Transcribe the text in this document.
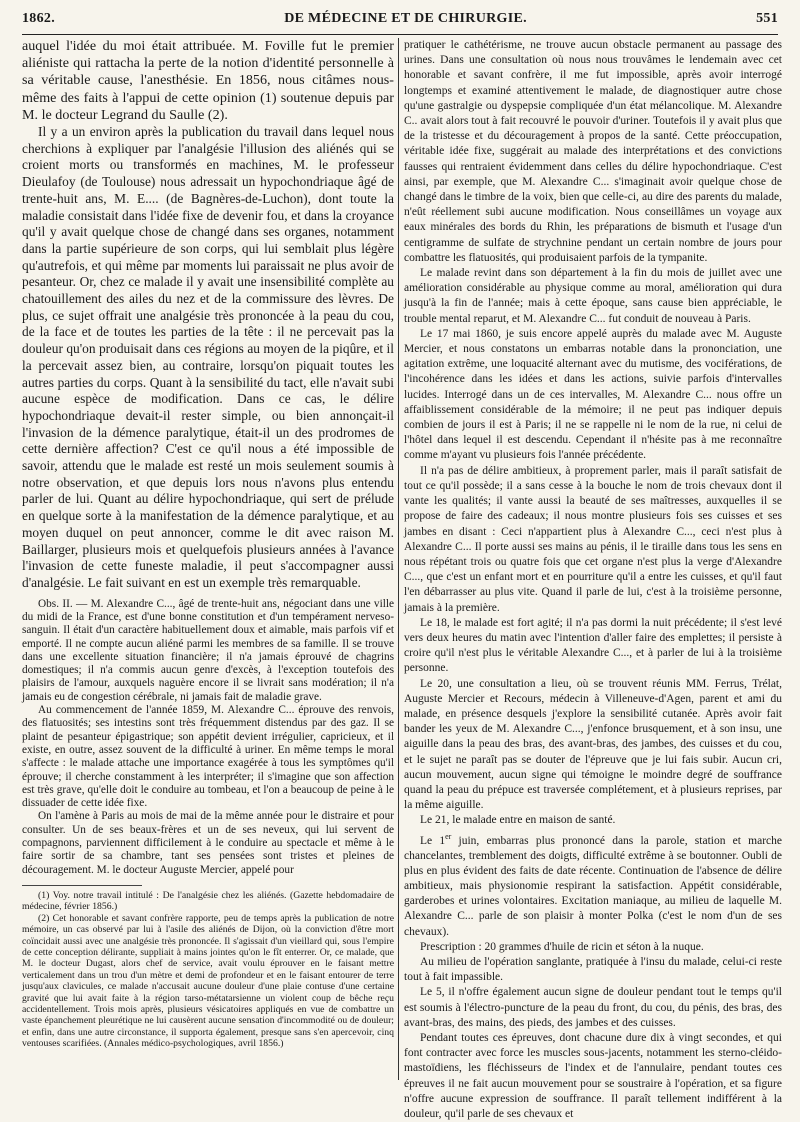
1862.	DE MÉDECINE ET DE CHIRURGIE.	551

auquel l'idée du moi était attribuée. M. Foville fut le premier aliéniste qui rattacha la perte de la notion d'identité personnelle à sa véritable cause, l'anesthésie. En 1856, nous citâmes nous-même des faits à l'appui de cette opinion (1) soutenue depuis par M. le docteur Legrand du Saulle (2).

Il y a un environ après la publication du travail dans lequel nous cherchions à expliquer par l'analgésie l'illusion des aliénés qui se croient morts ou transformés en machines, M. le professeur Dieulafoy (de Toulouse) nous adressait un hypochondriaque âgé de trente-huit ans, M. E.... (de Bagnères-de-Luchon), dont toute la maladie consistait dans l'idée fixe de devenir fou, et dans la croyance qu'il y avait quelque chose de changé dans ses organes, notamment dans la partie supérieure de son corps, qui lui semblait plus légère qu'autrefois, et qui même par moments lui paraissait ne plus avoir de pesanteur. Or, chez ce malade il y avait une insensibilité complète au chatouillement des ailes du nez et de la commissure des lèvres. De plus, ce sujet offrait une analgésie très prononcée à la peau du cou, de la face et de toutes les parties de la tête : il ne percevait pas la douleur qu'on produisait dans ces régions au moyen de la piqûre, et il la percevait assez bien, au contraire, lorsqu'on piquait toutes les autres parties du corps. Quant à la sensibilité du tact, elle n'avait subi aucune espèce de modification. Dans ce cas, le délire hypochondriaque devait-il rester simple, ou bien annonçait-il l'invasion de la démence paralytique, était-il un des prodromes de cette dernière affection? C'est ce qu'il nous a été impossible de savoir, attendu que le malade est resté un mois seulement soumis à notre observation, et que depuis lors nous n'avons plus entendu parler de lui. Quant au délire hypochondriaque, qui sert de prélude en quelque sorte à la manifestation de la démence paralytique, et au moyen duquel on peut annoncer, comme le dit avec raison M. Baillarger, plusieurs mois et quelquefois plusieurs années à l'avance l'invasion de cette funeste maladie, il peut s'accompagner aussi d'analgésie. Le fait suivant en est un exemple très remarquable.

Obs. II. — M. Alexandre C..., âgé de trente-huit ans, négociant dans une ville du midi de la France, est d'une bonne constitution et d'un tempérament nerveso-sanguin. Il était d'un caractère habituellement doux et aimable, mais parfois vif et emporté. Il ne compte aucun aliéné parmi les membres de sa famille. Il se trouve dans une excellente situation financière; il n'a jamais éprouvé de chagrins domestiques; il n'a commis aucun genre d'excès, à l'exception toutefois des plaisirs de l'amour, auxquels naguère encore il se livrait sans modération; il n'a jamais eu de congestion cérébrale, ni jamais fait de maladie grave.

Au commencement de l'année 1859, M. Alexandre C... éprouve des renvois, des flatuosités; ses intestins sont très fréquemment distendus par des gaz. Il se plaint de pesanteur épigastrique; son appétit devient irrégulier, capricieux, et il existe, en outre, assez souvent de la difficulté à uriner. En même temps le moral s'affecte : le malade attache une importance exagérée à tous les symptômes qu'il éprouve; il cherche constamment à les interpréter; il s'imagine que son affection est très grave, qu'elle doit le conduire au tombeau, et l'on a beaucoup de peine à le dissuader de cette idée fixe.

On l'amène à Paris au mois de mai de la même année pour le distraire et pour consulter. Un de ses beaux-frères et un de ses neveux, qui lui servent de compagnons, parviennent difficilement à le conduire au spectacle et même à le faire sortir de sa chambre, tant ses pensées sont tristes et pleines de découragement. M. le docteur Auguste Mercier, appelé pour

(1) Voy. notre travail intitulé : De l'analgésie chez les aliénés. (Gazette hebdomadaire de médecine, février 1856.)

(2) Cet honorable et savant confrère rapporte, peu de temps après la publication de notre mémoire, un cas observé par lui à l'asile des aliénés de Dijon, où la conviction d'être mort coïncidait aussi avec une analgésie très prononcée. Il s'agissait d'un vieillard qui, sous l'empire de cette conception délirante, suppliait à mains jointes qu'on le fît enterrer. Or, ce malade, que M. le docteur Dugast, alors chef de service, avait voulu éprouver en le faisant mettre verticalement dans un trou d'un mètre et demi de profondeur et en le faisant entourer de terre jusqu'aux clavicules, ce malade n'accusait aucune douleur d'une plaie contuse d'une certaine gravité que lui avait faite à la région tarso-métatarsienne un violent coup de bêche reçu accidentellement. Trois mois après, plusieurs vésicatoires appliqués en vue de combattre un vaste épanchement pleurétique ne lui causèrent aucune sensation d'incommodité ou de douleur; et enfin, dans une autre circonstance, il supporta également, presque sans s'en apercevoir, cinq ventouses scarifiées. (Annales médico-psychologiques, avril 1856.)

pratiquer le cathétérisme, ne trouve aucun obstacle permanent au passage des urines. Dans une consultation où nous nous trouvâmes le lendemain avec cet honorable et savant confrère, il me fut impossible, après avoir interrogé longtemps et examiné attentivement le malade, de diagnostiquer autre chose qu'une gastralgie ou dyspepsie compliquée d'un état mélancolique. M. Alexandre C.. avait alors tout à fait recouvré le pouvoir d'uriner. Toutefois il y avait plus que de la tristesse et du découragement à propos de la santé. Cette préoccupation, véritable idée fixe, suggérait au malade des interprétations et des convictions fausses qui rentraient évidemment dans celles du délire hypochondriaque. C'est ainsi, par exemple, que M. Alexandre C... s'imaginait avoir quelque chose de changé dans le timbre de la voix, bien que celle-ci, au dire des parents du malade, n'eût réellement subi aucune modification. Nous conseillâmes un voyage aux eaux minérales des bords du Rhin, les préparations de bismuth et l'usage d'un centigramme de sulfate de strychnine pendant un certain nombre de jours pour combattre les flatuosités, qui produisaient parfois de la tympanite.

Le malade revint dans son département à la fin du mois de juillet avec une amélioration considérable au physique comme au moral, amélioration qui dura jusqu'à la fin de l'année; mais à cette époque, sans cause bien appréciable, le trouble mental reparut, et M. Alexandre C... fut conduit de nouveau à Paris.

Le 17 mai 1860, je suis encore appelé auprès du malade avec M. Auguste Mercier, et nous constatons un embarras notable dans la prononciation, une agitation extrême, une loquacité alternant avec du mutisme, des vociférations, de l'incohérence dans les idées et dans les actions, suivie parfois d'intervalles lucides. Interrogé dans un de ces intervalles, M. Alexandre C... nous offre un affaiblissement considérable de la mémoire; il ne peut pas indiquer depuis combien de jours il est à Paris; il ne se rappelle ni le nom de la rue, ni celui de l'hôtel dans lequel il est descendu. Cependant il n'hésite pas à me reconnaître comme m'ayant vu plusieurs fois l'année précédente.

Il n'a pas de délire ambitieux, à proprement parler, mais il paraît satisfait de tout ce qu'il possède; il a sans cesse à la bouche le nom de trois chevaux dont il vante les qualités; il vante aussi la beauté de ses maîtresses, auxquelles il se propose de faire des cadeaux; il nous montre plusieurs fois ses cuisses et ses jambes en disant : Ceci n'appartient plus à Alexandre C..., ceci n'est plus à Alexandre C... Il porte aussi ses mains au pénis, il le tiraille dans tous les sens en nous répétant trois ou quatre fois que cet organe n'est plus la verge d'Alexandre C..., que c'est un enfant mort et en pourriture qu'il a entre les cuisses, et qu'il faut l'en débarrasser au plus vite. Quand il parle de lui, c'est à la troisième personne, jamais à la première.

Le 18, le malade est fort agité; il n'a pas dormi la nuit précédente; il s'est levé vers deux heures du matin avec l'intention d'aller faire des emplettes; il persiste à croire qu'il n'est plus le véritable Alexandre C..., et à parler de lui à la troisième personne.

Le 20, une consultation a lieu, où se trouvent réunis MM. Ferrus, Trélat, Auguste Mercier et Recours, médecin à Villeneuve-d'Agen, parent et ami du malade, en présence desquels j'explore la sensibilité cutanée. Après avoir fait bander les yeux de M. Alexandre C..., j'enfonce brusquement, et à son insu, une aiguille dans la peau des bras, des avant-bras, des jambes, des cuisses et du cou, et le sujet ne paraît pas se douter de l'épreuve que je lui fais subir. Aucun cri, aucun mouvement, aucun signe qui témoigne le moindre degré de souffrance quand la peau du prépuce est traversée complétement, et à plusieurs reprises, par la même aiguille.

Le 21, le malade entre en maison de santé.

Le 1er juin, embarras plus prononcé dans la parole, station et marche chancelantes, tremblement des doigts, difficulté extrême à se boutonner. Oubli de plus en plus évident des faits de date récente. Continuation de l'absence de délire ambitieux, mais physionomie respirant la satisfaction. Appétit considérable, garderobes et urines volontaires. Excitation maniaque, au milieu de laquelle M. Alexandre C... parle de son plaisir à monter Polka (c'est le nom d'un de ses chevaux).

Prescription : 20 grammes d'huile de ricin et séton à la nuque.

Au milieu de l'opération sanglante, pratiquée à l'insu du malade, celui-ci reste tout à fait impassible.

Le 5, il n'offre également aucun signe de douleur pendant tout le temps qu'il est soumis à l'électro-puncture de la peau du front, du cou, du pénis, des bras, des avant-bras, des mains, des pieds, des jambes et des cuisses.

Pendant toutes ces épreuves, dont chacune dure dix à vingt secondes, et qui font contracter avec force les muscles sous-jacents, notamment les sterno-cléido-mastoïdiens, les fléchisseurs de l'index et de l'annulaire, pendant toutes ces épreuves il ne fait aucun mouvement pour se soustraire à l'opération, et sa figure n'offre aucune expression de souffrance. Il paraît tellement indifférent à la douleur, qu'il parle de ses chevaux et
